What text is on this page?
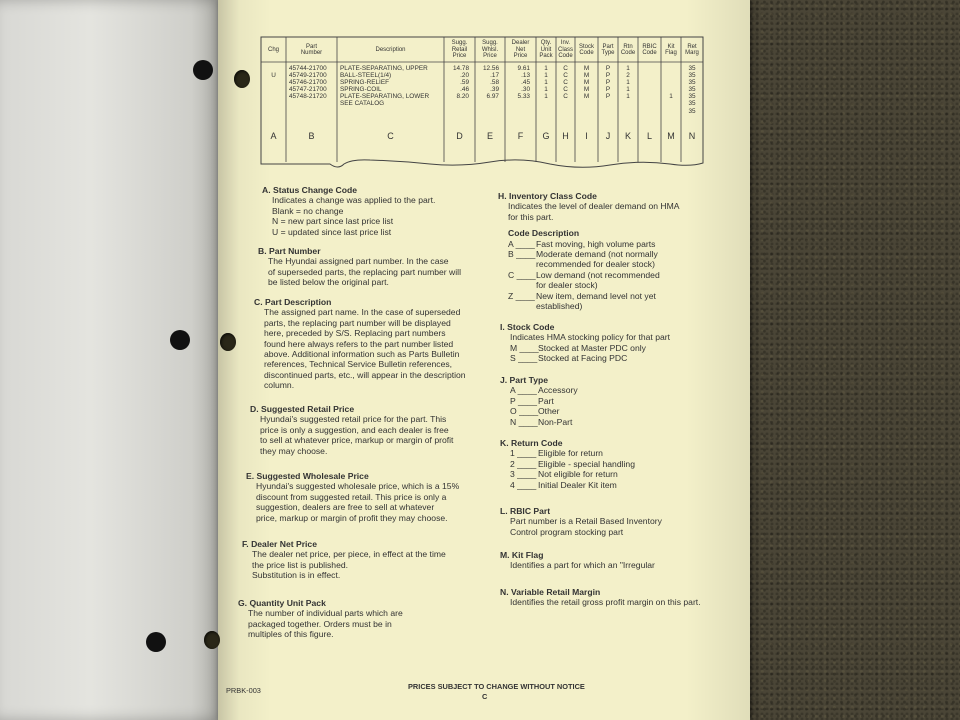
Chg

U
A
Part
Number
45744-21700
45749-21700
45746-21700
45747-21700
45748-21720
B
Description
PLATE-SEPARATING, UPPER
BALL-STEEL(1/4)
SPRING-RELIEF
SPRING-COIL
PLATE-SEPARATING, LOWER
SEE CATALOG
C
Sugg.
Retail
Price
14.78
.20
.59
.46
8.20
D
Sugg.
Whlsl.
Price
12.56
.17
.58
.39
6.97
E
Dealer
Net
Price
9.61
.13
.45
.30
5.33
F
Qty.
Unit
Pack
1
1
1
1
1
G
Inv.
Class
Code
C
C
C
C
C
H
Stock
Code
M
M
M
M
M
I
Part
Type
P
P
P
P
P
J
Rtn
Code
1
2
1
1
1
K
RBIC
Code
L
Kit
Flag

1
M
Ret
Marg
35
35
35
35
35
35
35
N
A. Status Change Code
Indicates a change was applied to the part.
Blank = no change
N = new part since last price list
U = updated since last price list
B. Part Number
The Hyundai assigned part number. In the case
of superseded parts, the replacing part number will
be listed below the original part.
C. Part Description
The assigned part name. In the case of superseded
parts, the replacing part number will be displayed
here, preceded by S/S. Replacing part numbers
found here always refers to the part number listed
above. Additional information such as Parts Bulletin
references, Technical Service Bulletin references,
discontinued parts, etc., will appear in the description
column.
D. Suggested Retail Price
Hyundai's suggested retail price for the part. This
price is only a suggestion, and each dealer is free
to sell at whatever price, markup or margin of profit
they may choose.
E. Suggested Wholesale Price
Hyundai's suggested wholesale price, which is a 15%
discount from suggested retail. This price is only a
suggestion, dealers are free to sell at whatever
price, markup or margin of profit they may choose.
F. Dealer Net Price
The dealer net price, per piece, in effect at the time
the price list is published.
Substitution is in effect.
G. Quantity Unit Pack
The number of individual parts which are
packaged together. Orders must be in
multiples of this figure.
H. Inventory Class Code
Indicates the level of dealer demand on HMA
for this part.
Code Description
A ____Fast moving, high volume parts
B ____Moderate demand (not normally
recommended for dealer stock)
C ____Low demand (not recommended
for dealer stock)
Z ____New item, demand level not yet
established)
I. Stock Code
Indicates HMA stocking policy for that part
M ____Stocked at Master PDC only
S ____Stocked at Facing PDC
J. Part Type
A ____Accessory
P ____Part
O ____Other
N ____Non-Part
K. Return Code
1 ____ Eligible for return
2 ____ Eligible - special handling
3 ____ Not eligible for return
4 ____ Initial Dealer Kit item
L. RBIC Part
Part number is a Retail Based Inventory
Control program stocking part
M. Kit Flag
Identifies a part for which an "Irregular
N. Variable Retail Margin
Identifies the retail gross profit margin on this part.
PRBK-003	PRICES SUBJECT TO CHANGE WITHOUT NOTICE
C
